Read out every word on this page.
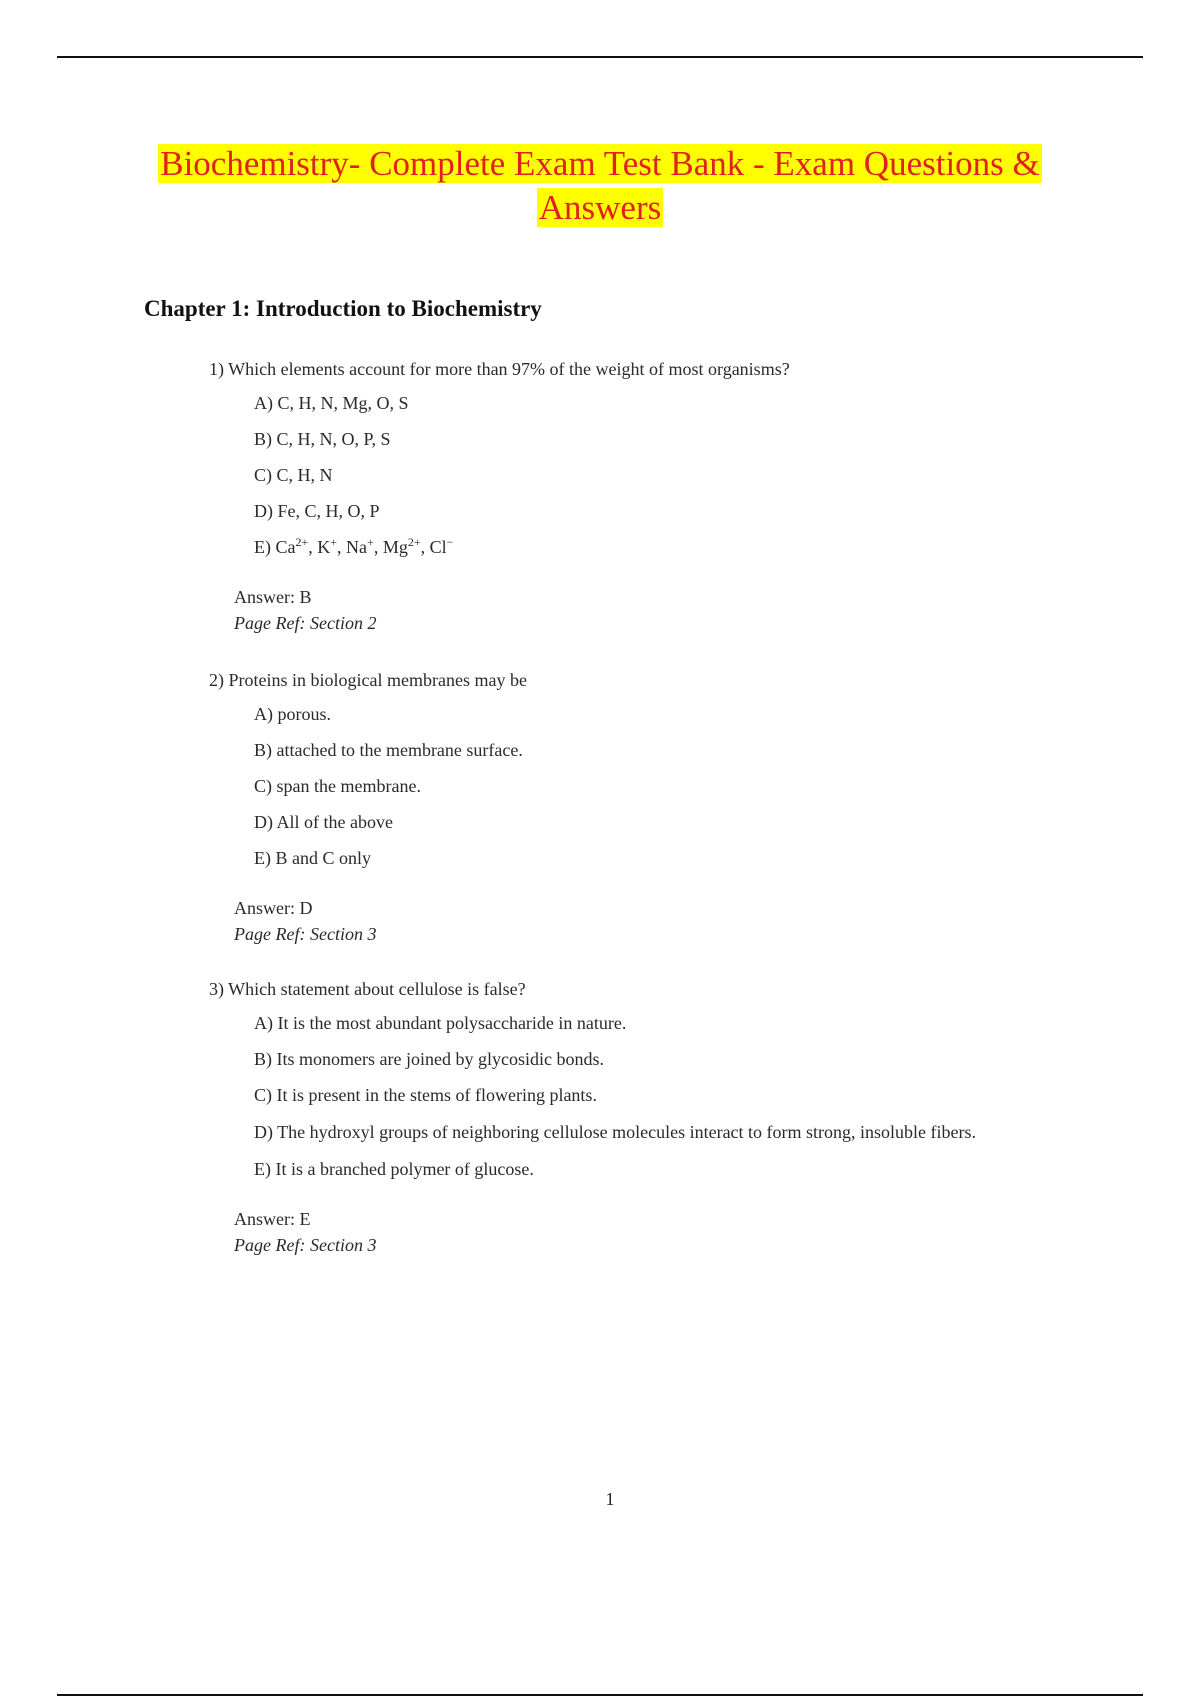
Biochemistry- Complete Exam Test Bank - Exam Questions &
Answers
Chapter 1: Introduction to Biochemistry

1) Which elements account for more than 97% of the weight of most organisms?

A) C, H, N, Mg, O, S

B) C, H, N, O, P, S

C) C, H, N

D) Fe, C, H, O, P

E) $Ca^{2+}$, K+, Na+, $Mg^{2+}$, Cl−

Answer: B

Page Ref: Section 2

2) Proteins in biological membranes may be

A) porous.

B) attached to the membrane surface.

C) span the membrane.

D) All of the above

E) B and C only

Answer: D

Page Ref: Section 3

3) Which statement about cellulose is false?

A) It is the most abundant polysaccharide in nature.

B) Its monomers are joined by glycosidic bonds.

C) It is present in the stems of flowering plants.

D) The hydroxyl groups of neighboring cellulose molecules interact to form strong, insoluble fibers.

E) It is a branched polymer of glucose.

Answer: E

Page Ref: Section 3

1
